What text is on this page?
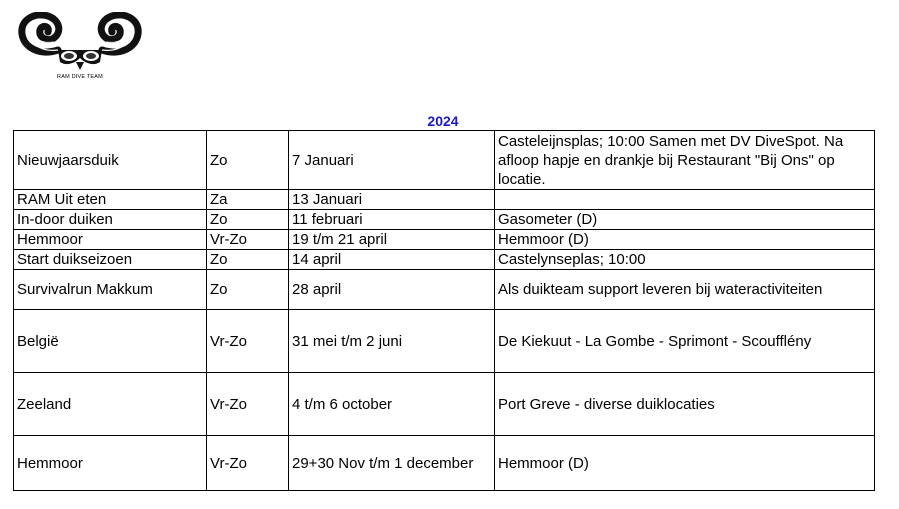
RAM DIVE TEAM
2024
Nieuwjaarsduik	Zo	7 Januari	Casteleijnsplas; 10:00 Samen met DV DiveSpot. Na afloop hapje en drankje bij Restaurant "Bij Ons" op locatie.
RAM Uit eten	Za	13 Januari	
In-door duiken	Zo	11 februari	Gasometer (D)
Hemmoor	Vr-Zo	19 t/m 21 april	Hemmoor (D)
Start duikseizoen	Zo	14 april	Castelynseplas; 10:00
Survivalrun Makkum	Zo	28 april	Als duikteam support leveren bij wateractiviteiten
België	Vr-Zo	31 mei t/m 2 juni	De Kiekuut - La Gombe - Sprimont - Scoufflény
Zeeland	Vr-Zo	4 t/m 6 october	Port Greve - diverse duiklocaties
Hemmoor	Vr-Zo	29+30 Nov t/m 1 december	Hemmoor (D)
